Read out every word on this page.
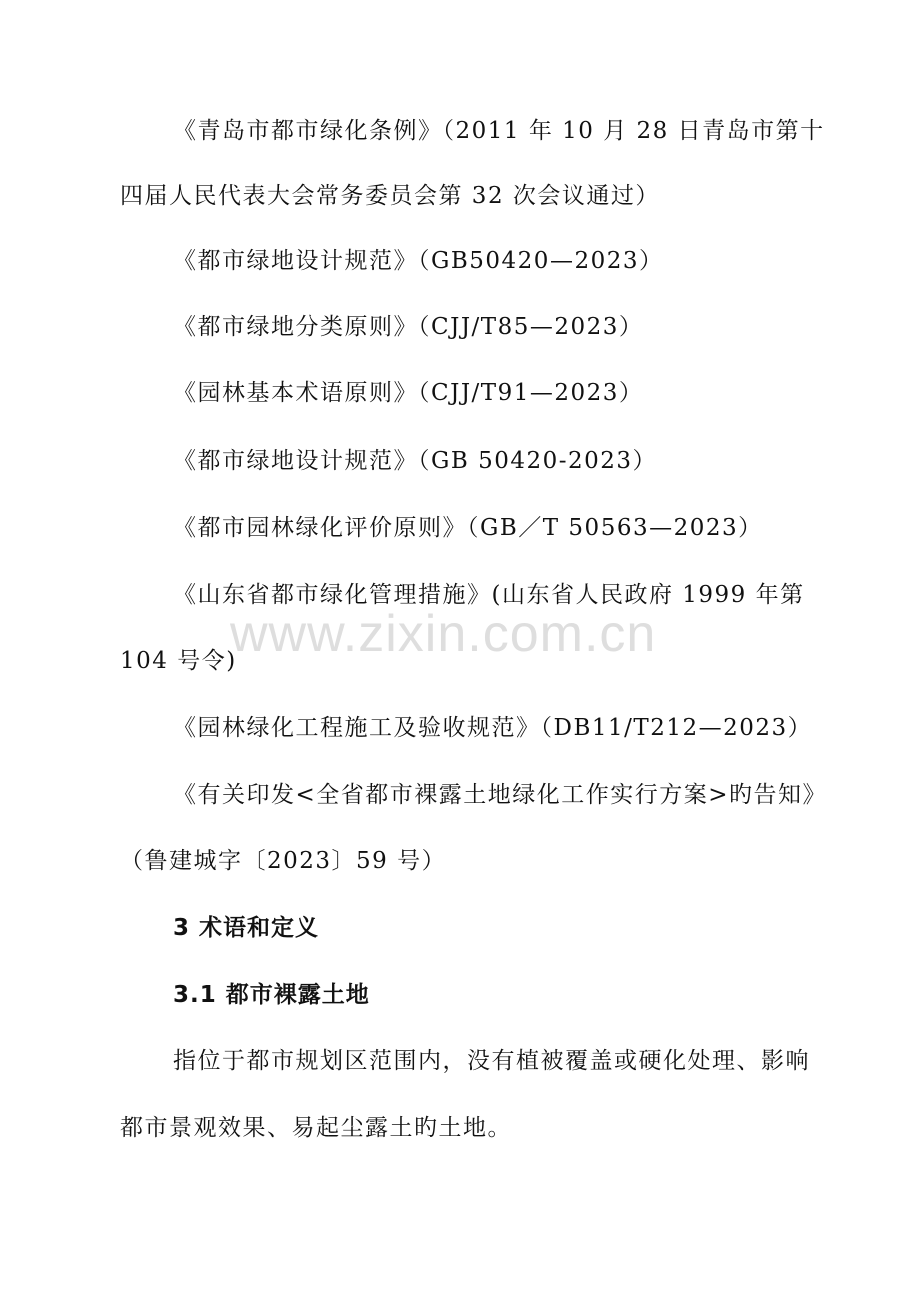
《青岛市都市绿化条例》（2011 年 10 月 28 日青岛市第十
四届人民代表大会常务委员会第 32 次会议通过）
《都市绿地设计规范》（GB50420—2023）
《都市绿地分类原则》（CJJ/T85—2023）
《园林基本术语原则》（CJJ/T91—2023）
《都市绿地设计规范》（GB 50420-2023）
《都市园林绿化评价原则》（GB／T 50563—2023）
《山东省都市绿化管理措施》(山东省人民政府 1999 年第
104 号令)
《园林绿化工程施工及验收规范》（DB11/T212—2023）
《有关印发<全省都市裸露土地绿化工作实行方案>旳告知》
（鲁建城字〔2023〕59 号）
3 术语和定义
3.1 都市裸露土地
指位于都市规划区范围内，没有植被覆盖或硬化处理、影响
都市景观效果、易起尘露土旳土地。
www.zixin.com.cn
